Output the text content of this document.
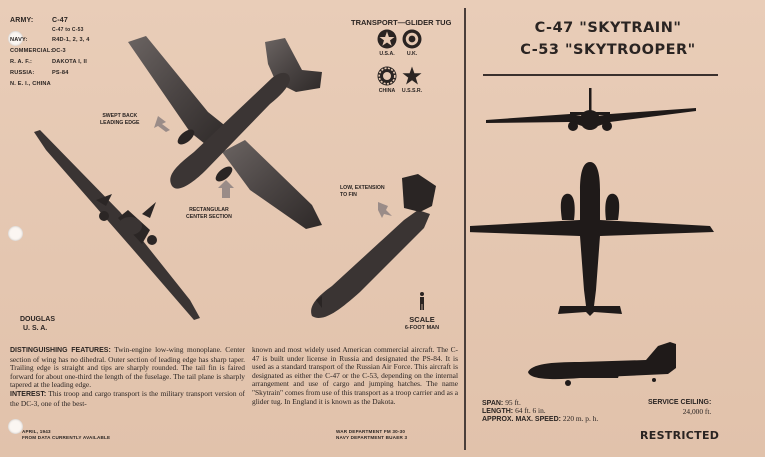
ARMY:	C-47
C-47 to C-53
NAVY:	R4D-1, 2, 3, 4
COMMERCIAL:DC-3
R. A. F.:	DAKOTA I, II
RUSSIA:	PS-84
N. E. I., CHINA
TRANSPORT—GLIDER TUG
U.S.A.	U.K.
CHINA	U.S.S.R.
SWEPT BACK
LEADING EDGE
RECTANGULAR
CENTER SECTION
LOW, EXTENSION
TO FIN
DOUGLAS
U. S. A.
SCALE
6-FOOT MAN
DISTINGUISHING FEATURES: Twin-engine low-wing monoplane. Center section of wing has no dihedral. Outer section of leading edge has sharp taper. Trailing edge is straight and tips are sharply rounded. The tail fin is faired forward for about one-third the length of the fuselage. The tail plane is sharply tapered at the leading edge.
INTEREST: This troop and cargo transport is the military transport version of the DC-3, one of the best-
known and most widely used American commercial aircraft. The C-47 is built under license in Russia and designated the PS-84. It is used as a standard transport of the Russian Air Force. This aircraft is designated as either the C-47 or the C-53, depending on the internal arrangement and use of cargo and jumping hatches. The name "Skytrain" comes from use of this transport as a troop carrier and as a glider tug. In England it is known as the Dakota.
APRIL, 1943
FROM DATA CURRENTLY AVAILABLE
WAR DEPARTMENT FM 30-30
NAVY DEPARTMENT BUAER 3
C-47 "SKYTRAIN"
C-53 "SKYTROOPER"
SPAN: 95 ft.
LENGTH: 64 ft. 6 in.
APPROX. MAX. SPEED: 220 m. p. h.
SERVICE CEILING:
24,000 ft.
RESTRICTED
